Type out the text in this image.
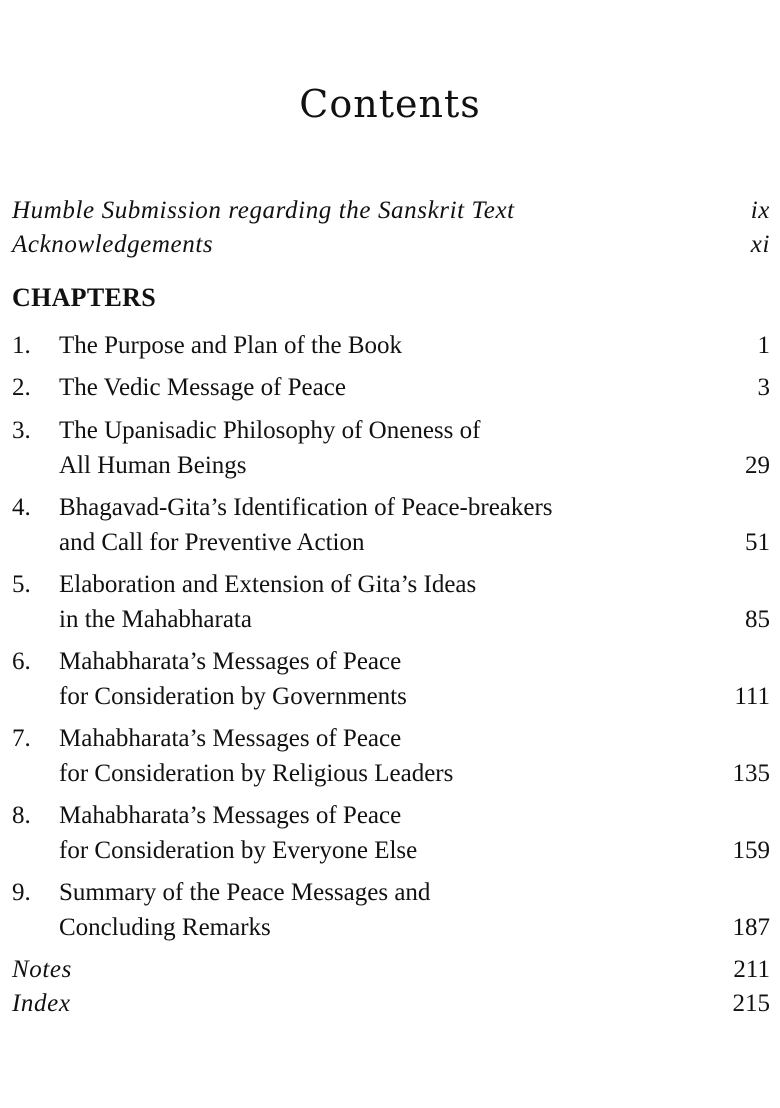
Contents
Humble Submission regarding the Sanskrit Text	ix
Acknowledgements	xi
CHAPTERS
1.	The Purpose and Plan of the Book	1
2.	The Vedic Message of Peace	3
3.	The Upanisadic Philosophy of Oneness of
All Human Beings	29
4.	Bhagavad-Gita’s Identification of Peace-breakers
and Call for Preventive Action	51
5.	Elaboration and Extension of Gita’s Ideas
in the Mahabharata	85
6.	Mahabharata’s Messages of Peace
for Consideration by Governments	111
7.	Mahabharata’s Messages of Peace
for Consideration by Religious Leaders	135
8.	Mahabharata’s Messages of Peace
for Consideration by Everyone Else	159
9.	Summary of the Peace Messages and
Concluding Remarks	187
Notes	211
Index	215
